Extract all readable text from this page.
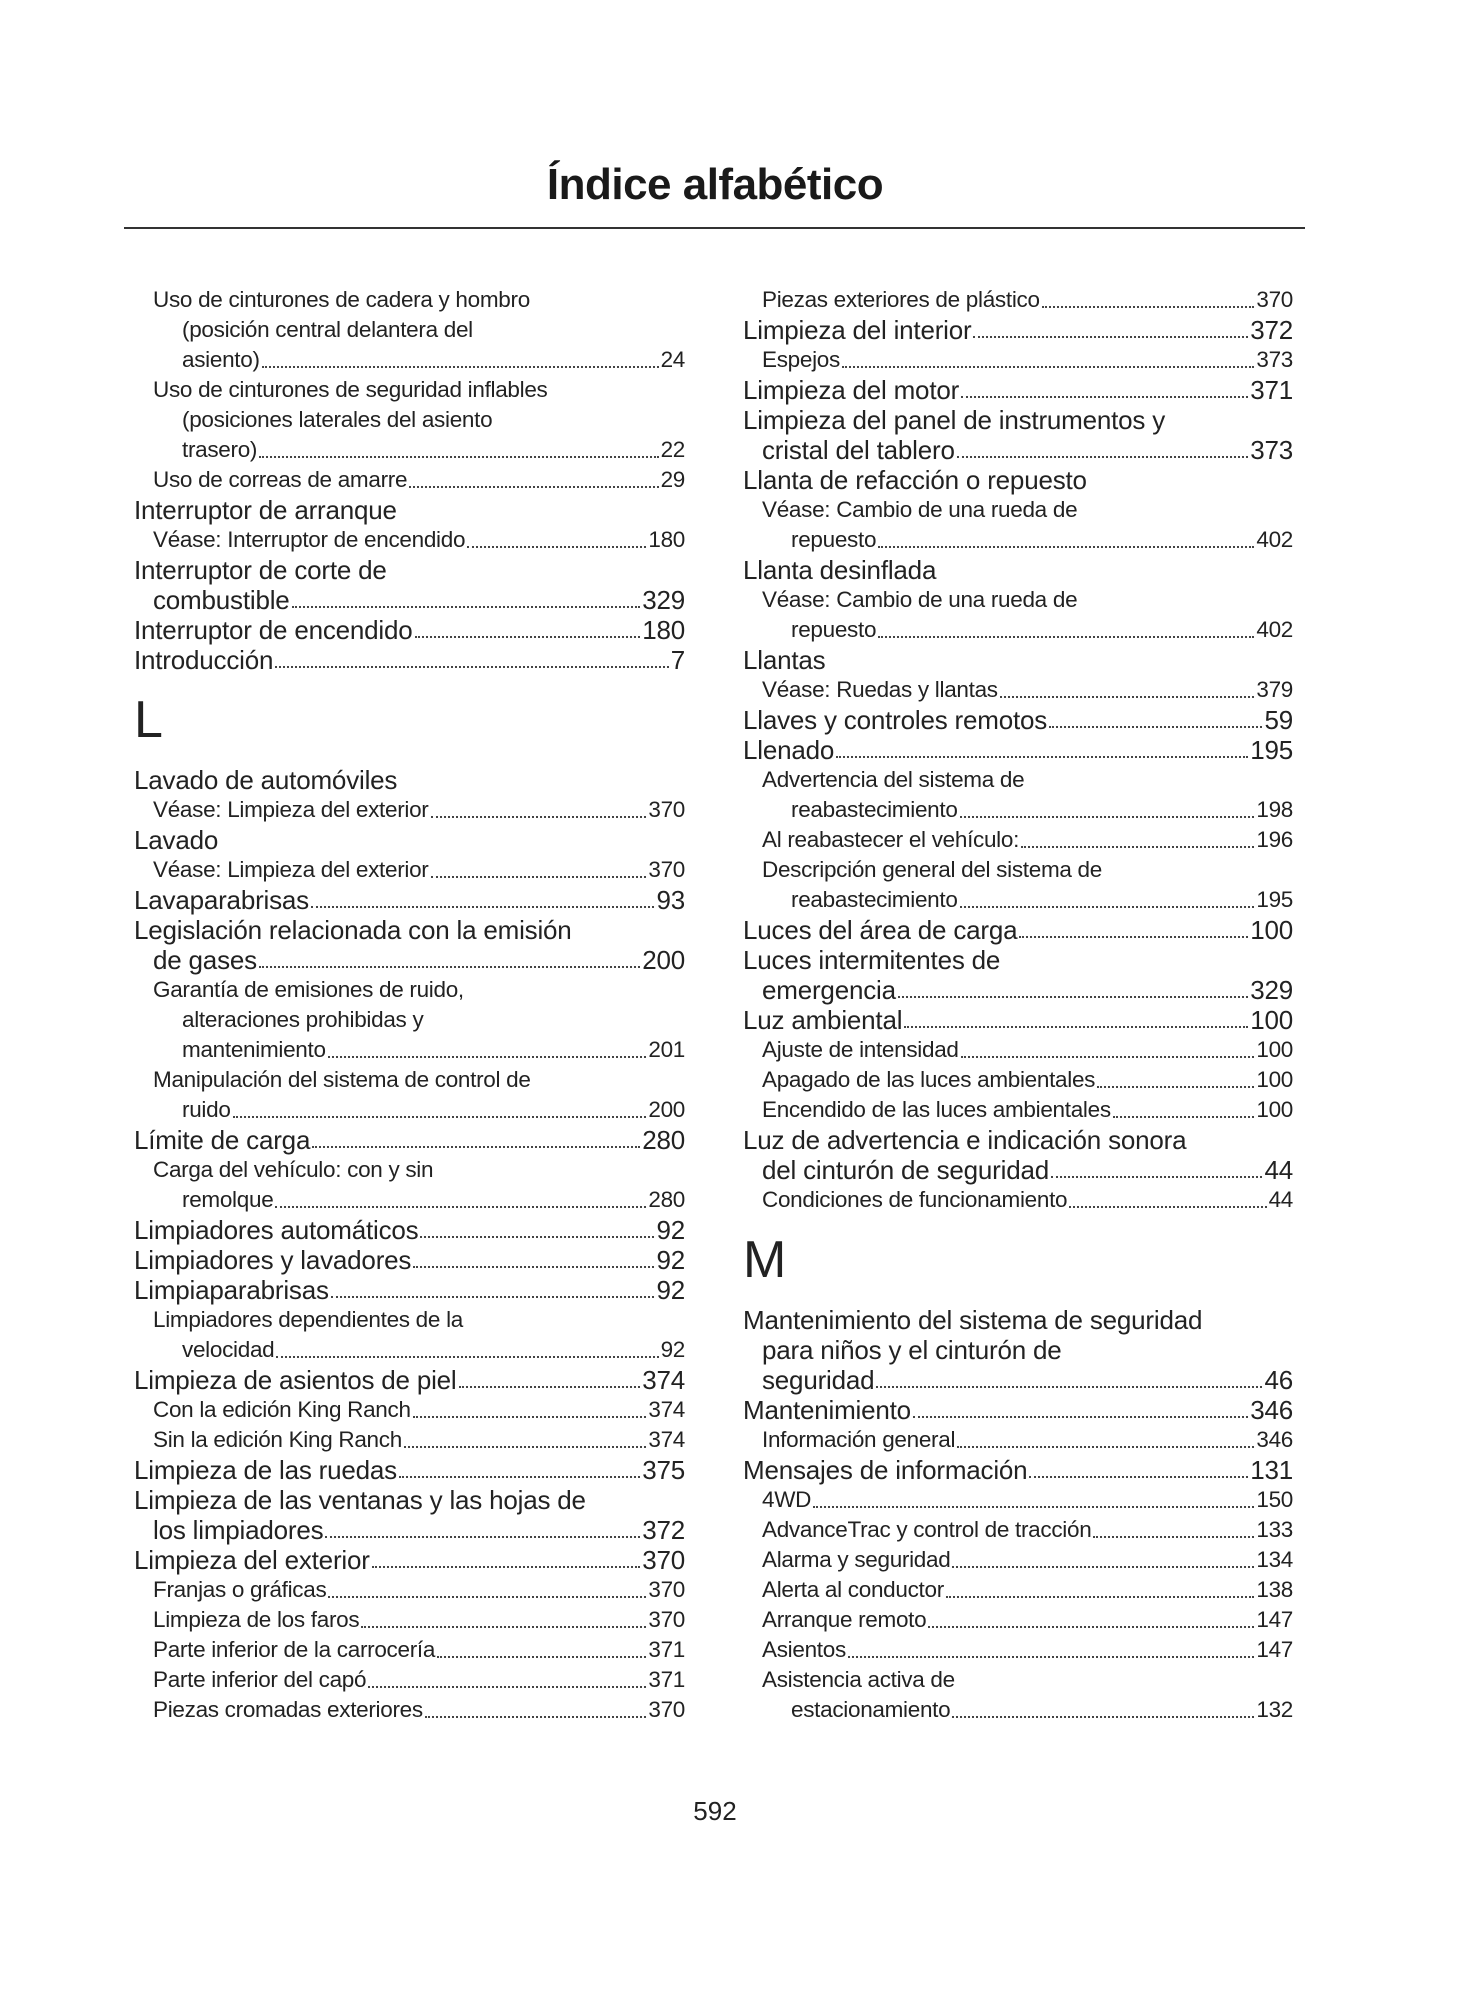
Índice alfabético
Uso de cinturones de cadera y hombro
(posición central delantera del
asiento)	24
Uso de cinturones de seguridad inflables
(posiciones laterales del asiento
trasero)	22
Uso de correas de amarre	29
Interruptor de arranque
Véase: Interruptor de encendido	180
Interruptor de corte de
combustible	329
Interruptor de encendido	180
Introducción	7
L
Lavado de automóviles
Véase: Limpieza del exterior	370
Lavado
Véase: Limpieza del exterior	370
Lavaparabrisas	93
Legislación relacionada con la emisión
de gases	200
Garantía de emisiones de ruido,
alteraciones prohibidas y
mantenimiento	201
Manipulación del sistema de control de
ruido	200
Límite de carga	280
Carga del vehículo: con y sin
remolque	280
Limpiadores automáticos	92
Limpiadores y lavadores	92
Limpiaparabrisas	92
Limpiadores dependientes de la
velocidad	92
Limpieza de asientos de piel	374
Con la edición King Ranch	374
Sin la edición King Ranch	374
Limpieza de las ruedas	375
Limpieza de las ventanas y las hojas de
los limpiadores	372
Limpieza del exterior	370
Franjas o gráficas	370
Limpieza de los faros	370
Parte inferior de la carrocería	371
Parte inferior del capó	371
Piezas cromadas exteriores	370
Piezas exteriores de plástico	370
Limpieza del interior	372
Espejos	373
Limpieza del motor	371
Limpieza del panel de instrumentos y
cristal del tablero	373
Llanta de refacción o repuesto
Véase: Cambio de una rueda de
repuesto	402
Llanta desinflada
Véase: Cambio de una rueda de
repuesto	402
Llantas
Véase: Ruedas y llantas	379
Llaves y controles remotos	59
Llenado	195
Advertencia del sistema de
reabastecimiento	198
Al reabastecer el vehículo:	196
Descripción general del sistema de
reabastecimiento	195
Luces del área de carga	100
Luces intermitentes de
emergencia	329
Luz ambiental	100
Ajuste de intensidad	100
Apagado de las luces ambientales	100
Encendido de las luces ambientales	100
Luz de advertencia e indicación sonora
del cinturón de seguridad	44
Condiciones de funcionamiento	44
M
Mantenimiento del sistema de seguridad
para niños y el cinturón de
seguridad	46
Mantenimiento	346
Información general	346
Mensajes de información	131
4WD	150
AdvanceTrac y control de tracción	133
Alarma y seguridad	134
Alerta al conductor	138
Arranque remoto	147
Asientos	147
Asistencia activa de
estacionamiento	132
592
